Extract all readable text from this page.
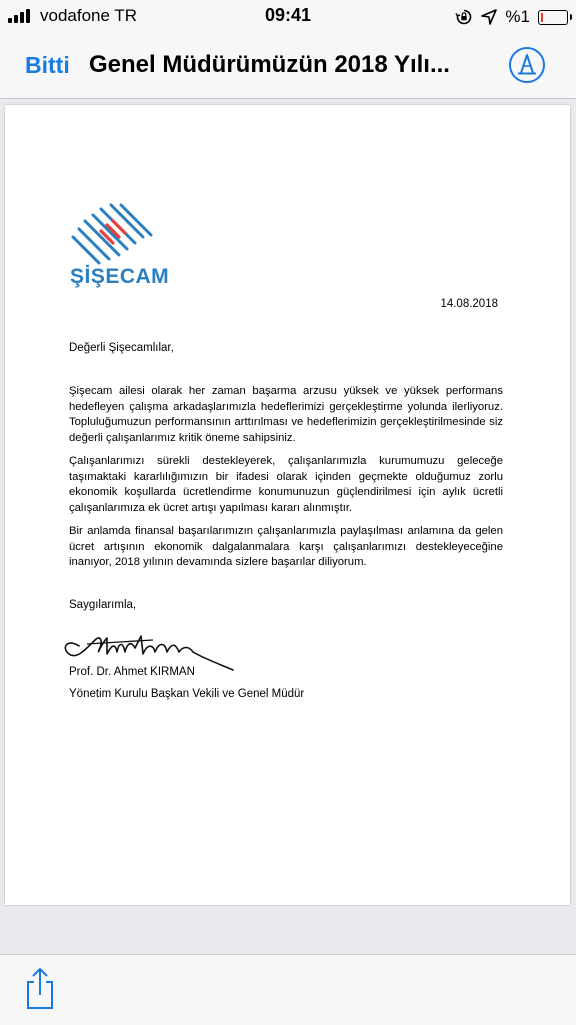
vodafone TR	09:41	%1
Bitti Genel Müdürümüzün 2018 Yılı...
ŞİŞECAM
14.08.2018
Değerli Şişecamlılar,
Şişecam ailesi olarak her zaman başarma arzusu yüksek ve yüksek performans hedefleyen çalışma arkadaşlarımızla hedeflerimizi gerçekleştirme yolunda ilerliyoruz. Topluluğumuzun performansının arttırılması ve hedeflerimizin gerçekleştirilmesinde siz değerli çalışanlarımız kritik öneme sahipsiniz.
Çalışanlarımızı sürekli destekleyerek, çalışanlarımızla kurumumuzu geleceğe taşımaktaki kararlılığımızın bir ifadesi olarak içinden geçmekte olduğumuz zorlu ekonomik koşullarda ücretlendirme konumunuzun güçlendirilmesi için aylık ücretli çalışanlarımıza ek ücret artışı yapılması kararı alınmıştır.
Bir anlamda finansal başarılarımızın çalışanlarımızla paylaşılması anlamına da gelen ücret artışının ekonomik dalgalanmalara karşı çalışanlarımızı destekleyeceğine inanıyor, 2018 yılının devamında sizlere başarılar diliyorum.
Saygılarımla,
Prof. Dr. Ahmet KIRMAN
Yönetim Kurulu Başkan Vekili ve Genel Müdür
